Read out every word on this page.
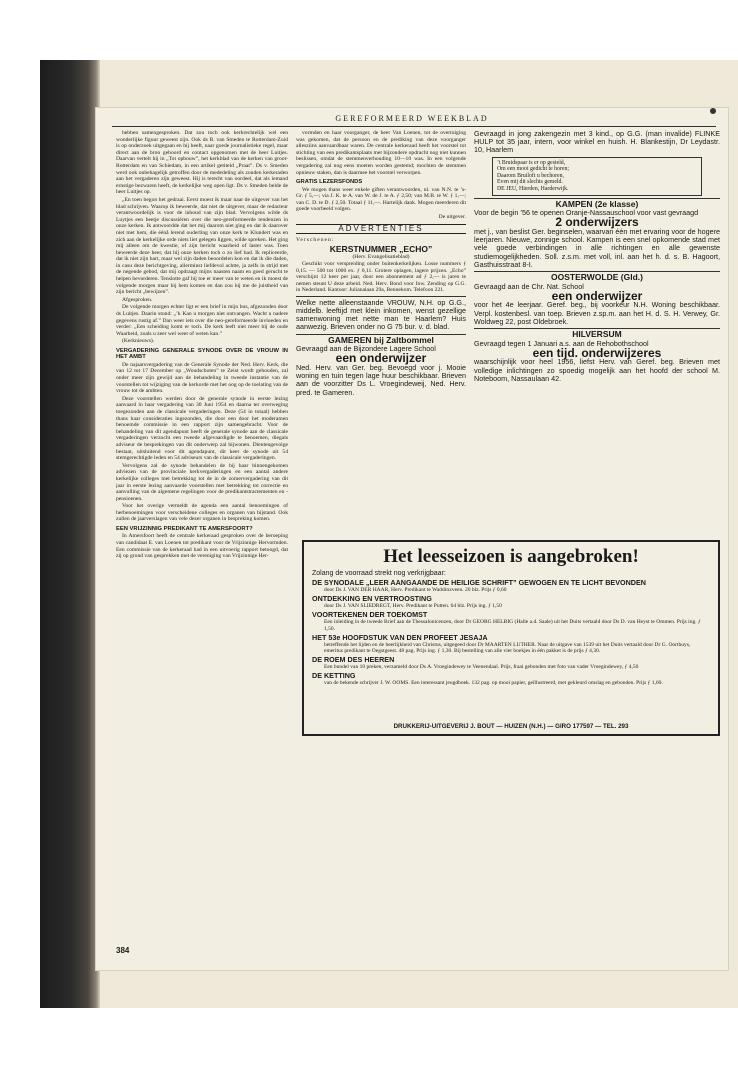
GEREFORMEERD WEEKBLAD

hebben samengesproken. Dat zou toch ook kerkrechtelijk wel een wonderlijke figuur geweest zijn. Ook ds B. van Smeden te Rotterdam-Zuid is op onderzoek uitgegaan en hij heeft, naar goede journalistieke regel, maar direct aan de bron geboord en contact opgenomen met de heer Luitjes. Daarvan vertelt hij in „Tot opbouw”, het kerkblad van de kerken van groot-Rotterdam en van Schiedam, in een artikel getiteld „Praat”. Ds v. Smeden werd ook onbehagelijk getroffen door de mededeling als zouden kerkeraden aan het vergaderen zijn geweest. Hij is terecht van oordeel, dat als iemand ernstige bezwaren heeft, de kerkelijke weg open ligt. Ds v. Smeden belde de heer Luitjes op.

„En toen begon het gedraai. Eerst moest ik maar naar de uitgever van het blad schrijven. Waarop ik beweerde, dat niet de uitgever, maar de redacteur verantwoordelijk is voor de inhoud van zijn blad. Vervolgens wilde ds Luytjes een beetje discussiëren over die neo-gereformeerde tendenzen in onze kerken. Ik antwoordde dat het mij daarom niet ging en dat ik daarover niet met hem, die éénå lerend ouderling van onze kerk te Klundert was en zich aan de kerkelijke orde niets liet gelegen liggen, wilde spreken. Het ging mij alleen om de kwestie, of zijn bericht waarheid of laster was. Toen beweerde deze heer, dat hij onze kerken toch o zo lief had. Ik repliceerde, dat ik niet zijn hart, maar wel zijn daden beoordelen kon en dat ik die daden, in casu deze berichtgeving, allerminst liefdevol achtte, ja zelfs in strijd met de negende gebod, dat mij opdraagt mijns naasten naam en goed gerucht te helpen bevorderen. Tenslotte gaf hij toe er meer van te weten en ik moest de volgende morgen maar bij hem komen en dan zou hij me de juistheid van zijn bericht „bewijzen”.

Afgesproken.

De volgende morgen echter ligt er een brief in mijn bus, afgezonden door ds Luitjes. Daarin stond: „’k Kan u morgen niet ontvangen. Wacht u nadere gegevens rustig af.” Dan weer iets over die neo-gereformeerde invloeden en verder: „Een scheiding komt er toch. De kerk leeft niet meer bij de oude Waarheid, zoals u zeer wel weet of weten kan.”

(Kerknieuws).

VERGADERING GENERALE SYNODE OVER DE VROUW IN HET AMBT

De najaarsvergadering van de Generale Synode der Ned. Herv. Kerk, die van 12 tot 17 December op „Woudschoten” te Zeist wordt gehouden, zal onder meer zijn gewijd aan de behandeling in tweede instantie van de voorstellen tot wijziging van de kerkorde met het oog op de toelating van de vrouw tot de ambten.

Deze voorstellen werden door de generale synode in eerste lezing aanvaard in haar vergadering van 30 Juni 1954 en daarna ter overweging toegezonden aan de classicale vergaderingen. Deze (54 in totaal) hebben thans haar consideraties ingezonden, die door een door het moderamen benoemde commissie in een rapport zijn samengebracht. Voor de behandeling van dit agendapunt heeft de generale synode aan de classicale vergaderingen verzocht een tweede afgevaardigde te benoemen, diegals adviseur de besprekingen van dit onderwerp zal bijwonen. Dientengevolge bestaat, uitsluitend voor dit agendapunt, dit keer de synode uit 54 stemgerechtigde leden en 54 adviseurs van de classicale vergaderingen.

Vervolgens zal de synode behandelen de bij haar binnengekomen adviezen van de provinciale kerkvergaderingen en een aantal andere kerkelijke colleges met betrekking tot de in de zomervergadering van dit jaar in eerste lezing aanvaarde voorstellen met betrekking tot correctie en aanvulling van de algemene regelingen voor de predikantstractementen en -pensioenen.

Voor het overige vermeldt de agenda een aantal benoemingen of herbenoemingen voor verscheidene colleges en organen van bijstand. Ook zullen de jaarverslagen van vele dezer organen in bespreking komen.

EEN VRIJZINNIG PREDIKANT TE AMERSFOORT?

In Amersfoort heeft de centrale kerkeraad gesproken over de beroeping van candidaat E. van Loenen tot predikant voor de Vrijzinnige Hervormden. Een commissie van de kerkeraad had in een uitvoerig rapport betoogd, dat zij op grond van gesprekken met de vereniging van Vrijzinnige Her-

vormden en haar voorganger, de heer Van Loenen, tot de overtuiging was gekomen, dat de persoon en de prediking van deze voorganger allesziins aanvaardbaar waren. De centrale kerkeraad heeft het voorstel tot stichting van een predikantsplaats met bijzondere opdracht nog niet kunnen beslissen, omdat de stemmenverhouding 10—10 was. In een volgende vergadering zal nog eens moeten worden gestemd; mochten de stemmen opnieuw staken, dan is daarmee het voorstel verworpen.

GRATIS LEZERSFONDS

We mogen thans weer enkele giften verantwoorden, nl. van N.N. te ’s-Gr. ƒ 5,—; via J. K. te A. van W. de J. te A. ƒ 2,50; van M.B. te W. ƒ 1,—; van C. D. te D. ƒ 2,50. Totaal ƒ 11,—. Hartelijk dank. Mogen meerderen dit goede voorbeeld volgen.

De uitgever.
ADVERTENTIES
Verschenen:
KERSTNUMMER „ECHO”
(Herv. Evangelisatieblad)

Geschikt voor verspreiding onder buitenkerkelijken. Losse nummers ƒ 0,15. — 500 tot 1000 ex. ƒ 0,11. Grotere oplagen, lagere prijzen. „Echo” verschijnt 12 keer per jaar, door een abonnement ad ƒ 2,— is jaren te nemen steunt U deze arbeid. Ned. Herv. Bond voor Inw. Zending op G.G. in Nederland. Kantoor: Julianalaan 29a, Bennekom. Telefoon 221.

Welke nette alleenstaande VROUW, N.H. op G.G., middelb. leeftijd met klein inkomen, wenst gezellige samenwoning met nette man te Haarlem? Huis aanwezig. Brieven onder no G 75 bur. v. d. blad.
GAMEREN bij Zaltbommel
Gevraagd aan de Bijzondere Lagere School
een onderwijzer
Ned. Herv. van Ger. beg. Bevoegd voor j. Mooie woning en tuin tegen lage huur beschikbaar. Brieven aan de voorzitter Ds L. Vroegindeweij, Ned. Herv. pred. te Gameren.
Gevraagd in jong zakengezin met 3 kind., op G.G. (man invalide) FLINKE HULP tot 35 jaar, intern, voor winkel en huish. H. Blankestijn, Dr Leydastr. 10, Haarlem
’t Bruidspaar is er op gesteld,
Om een mooi gedicht te horen;
Daarom Bruiloft u bechoren,
Even mij dit slechts gemeld.
DE JEU, Hierden, Harderwijk.
KAMPEN (2e klasse)
Voor de begin ’56 te openen Oranje-Nassauschool voor vast gevraagd
2 onderwijzers
met j., van beslist Ger. beginselen, waarvan één met ervaring voor de hogere leerjaren. Nieuwe, zonnige school. Kampen is een snel opkomende stad met vele goede verbindingen in alle richtingen en alle gewenste studiemogelijkheden. Soll. z.s.m. met voll, inl. aan het h. d. s. B. Hagoort, Gasthuisstraat 8-I.
OOSTERWOLDE (Gld.)
Gevraagd aan de Chr. Nat. School
een onderwijzer
voor het 4e leerjaar. Geref. beg., bij voorkeur N.H. Woning beschikbaar. Verpl. kostenbesl. van toep. Brieven z.sp.m. aan het H. d. S. H. Verwey, Gr. Woldweg 22, post Oldebroek.
HILVERSUM
Gevraagd tegen 1 Januari a.s. aan de Rehobothschool
een tijd. onderwijzeres
waarschijnlijk voor heel 1956, liefst Herv. van Geref. beg. Brieven met volledige inlichtingen zo spoedig mogelijk aan het hoofd der school M. Noteboom, Nassaulaan 42.
Het leesseizoen is aangebroken!

Zolang de voorraad strekt nog verkrijgbaar:

DE SYNODALE „LEER AANGAANDE DE HEILIGE SCHRIFT” GEWOGEN EN TE LICHT BEVONDEN
door Ds J. VAN DER HAAR, Herv. Predikant te Waddinxveen. 20 blz. Prijs ƒ 0,60
ONTDEKKING EN VERTROOSTING
door Ds J. VAN SLIEDREGT, Herv. Predikant te Putten. 64 blz. Prijs ing. ƒ 1,50
VOORTEKENEN DER TOEKOMST
Een inleiding in de tweede Brief aan de Thessalonicenzen, door Dr GEORG HELBIG (Halle a.d. Saale) uit het Duits vertaald door Ds D. van Heyst te Ommen. Prijs ing. ƒ 1,50.
HET 53e HOOFDSTUK VAN DEN PROFEET JESAJA
betreffende het lijden en de heerlijkheid van Christus, uitgegeed door Dr MAARTEN LUTHER. Naar de uitgave van 1539 uit het Duits vertaald door Dr G. Oorthuys, emeritus predikant te Oegstgeest. 48 pag. Prijs ing. ƒ 1,30. Bij bestelling van alle vier boekjes in één pakket is de prijs ƒ 4,30.
DE ROEM DES HEEREN
Een bundel van 10 preken, verzameld door Ds A. Vroegindewey te Veenendaal. Prijs, fraai gebonden met foto van vader Vroegindewey, ƒ 4,50
DE KETTING
van de bekende schrijver J. W. OOMS. Een interessant jeugdboek. 132 pag. op mooi papier, geïllustreerd, met gekleurd omslag en gebonden. Prijs ƒ 1,60.
DRUKKERIJ-UITGEVERIJ J. BOUT — HUIZEN (N.H.) — GIRO 177597 — TEL. 293
384
